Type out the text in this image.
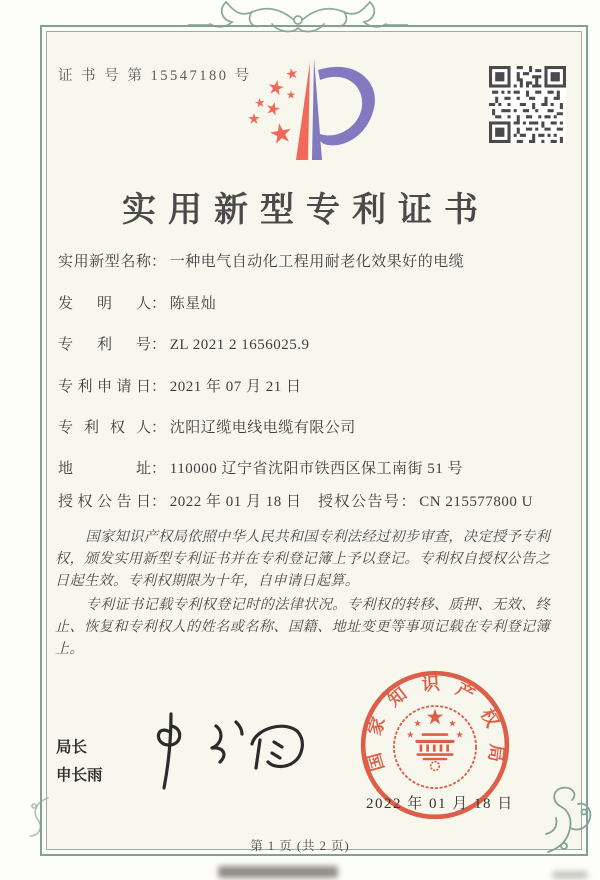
证 书 号 第 15547180 号
实用新型专利证书
实用新型名称： 一种电气自动化工程用耐老化效果好的电缆
发明人： 陈星灿
专利号： ZL 2021 2 1656025.9
专利申请日： 2021 年 07 月 21 日
专利权人： 沈阳辽缆电线电缆有限公司
地址： 110000 辽宁省沈阳市铁西区保工南街 51 号
授权公告日： 2022 年 01 月 18 日 授权公告号： CN 215577800 U

国家知识产权局依照中华人民共和国专利法经过初步审查，决定授予专利权，颁发实用新型专利证书并在专利登记簿上予以登记。专利权自授权公告之日起生效。专利权期限为十年，自申请日起算。

专利证书记载专利权登记时的法律状况。专利权的转移、质押、无效、终止、恢复和专利权人的姓名或名称、国籍、地址变更等事项记载在专利登记簿上。

局长
申长雨
国家知识产权局
2022 年 01 月 18 日
第 1 页 (共 2 页)
